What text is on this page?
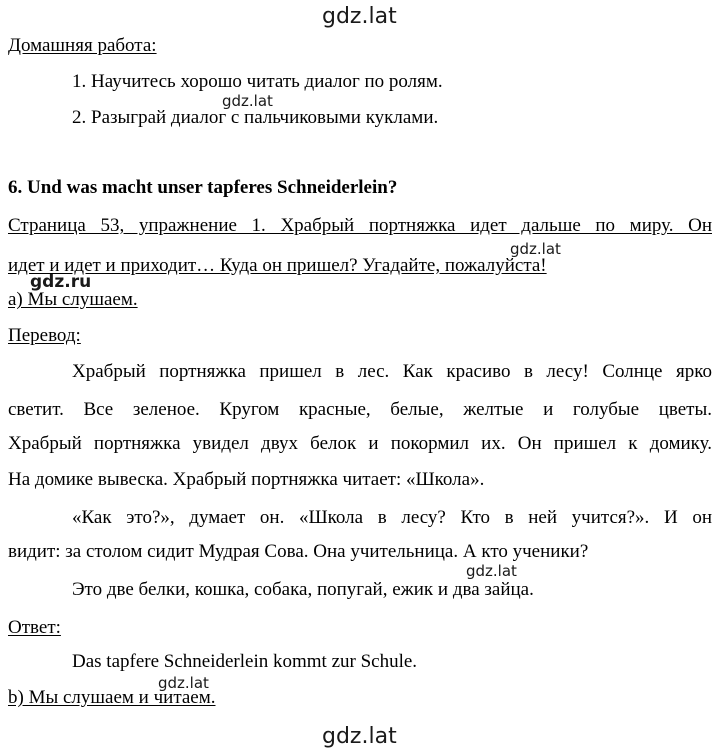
gdz.lat
Домашняя работа:
1. Научитесь хорошо читать диалог по ролям.
gdz.lat
2. Разыграй диалог с пальчиковыми куклами.
6. Und was macht unser tapferes Schneiderlein?
Страница 53, упражнение 1. Храбрый портняжка идет дальше по миру. Он
gdz.lat
идет и идет и приходит… Куда он пришел? Угадайте, пожалуйста!
gdz.ru
а) Мы слушаем.
Перевод:
Храбрый портняжка пришел в лес. Как красиво в лесу! Солнце ярко
светит. Все зеленое. Кругом красные, белые, желтые и голубые цветы.
Храбрый портняжка увидел двух белок и покормил их. Он пришел к домику.
На домике вывеска. Храбрый портняжка читает: «Школа».
«Как это?», думает он. «Школа в лесу? Кто в ней учится?». И он
видит: за столом сидит Мудрая Сова. Она учительница. А кто ученики?
gdz.lat
Это две белки, кошка, собака, попугай, ежик и два зайца.
Ответ:
Das tapfere Schneiderlein kommt zur Schule.
gdz.lat
b) Мы слушаем и читаем.
gdz.lat
